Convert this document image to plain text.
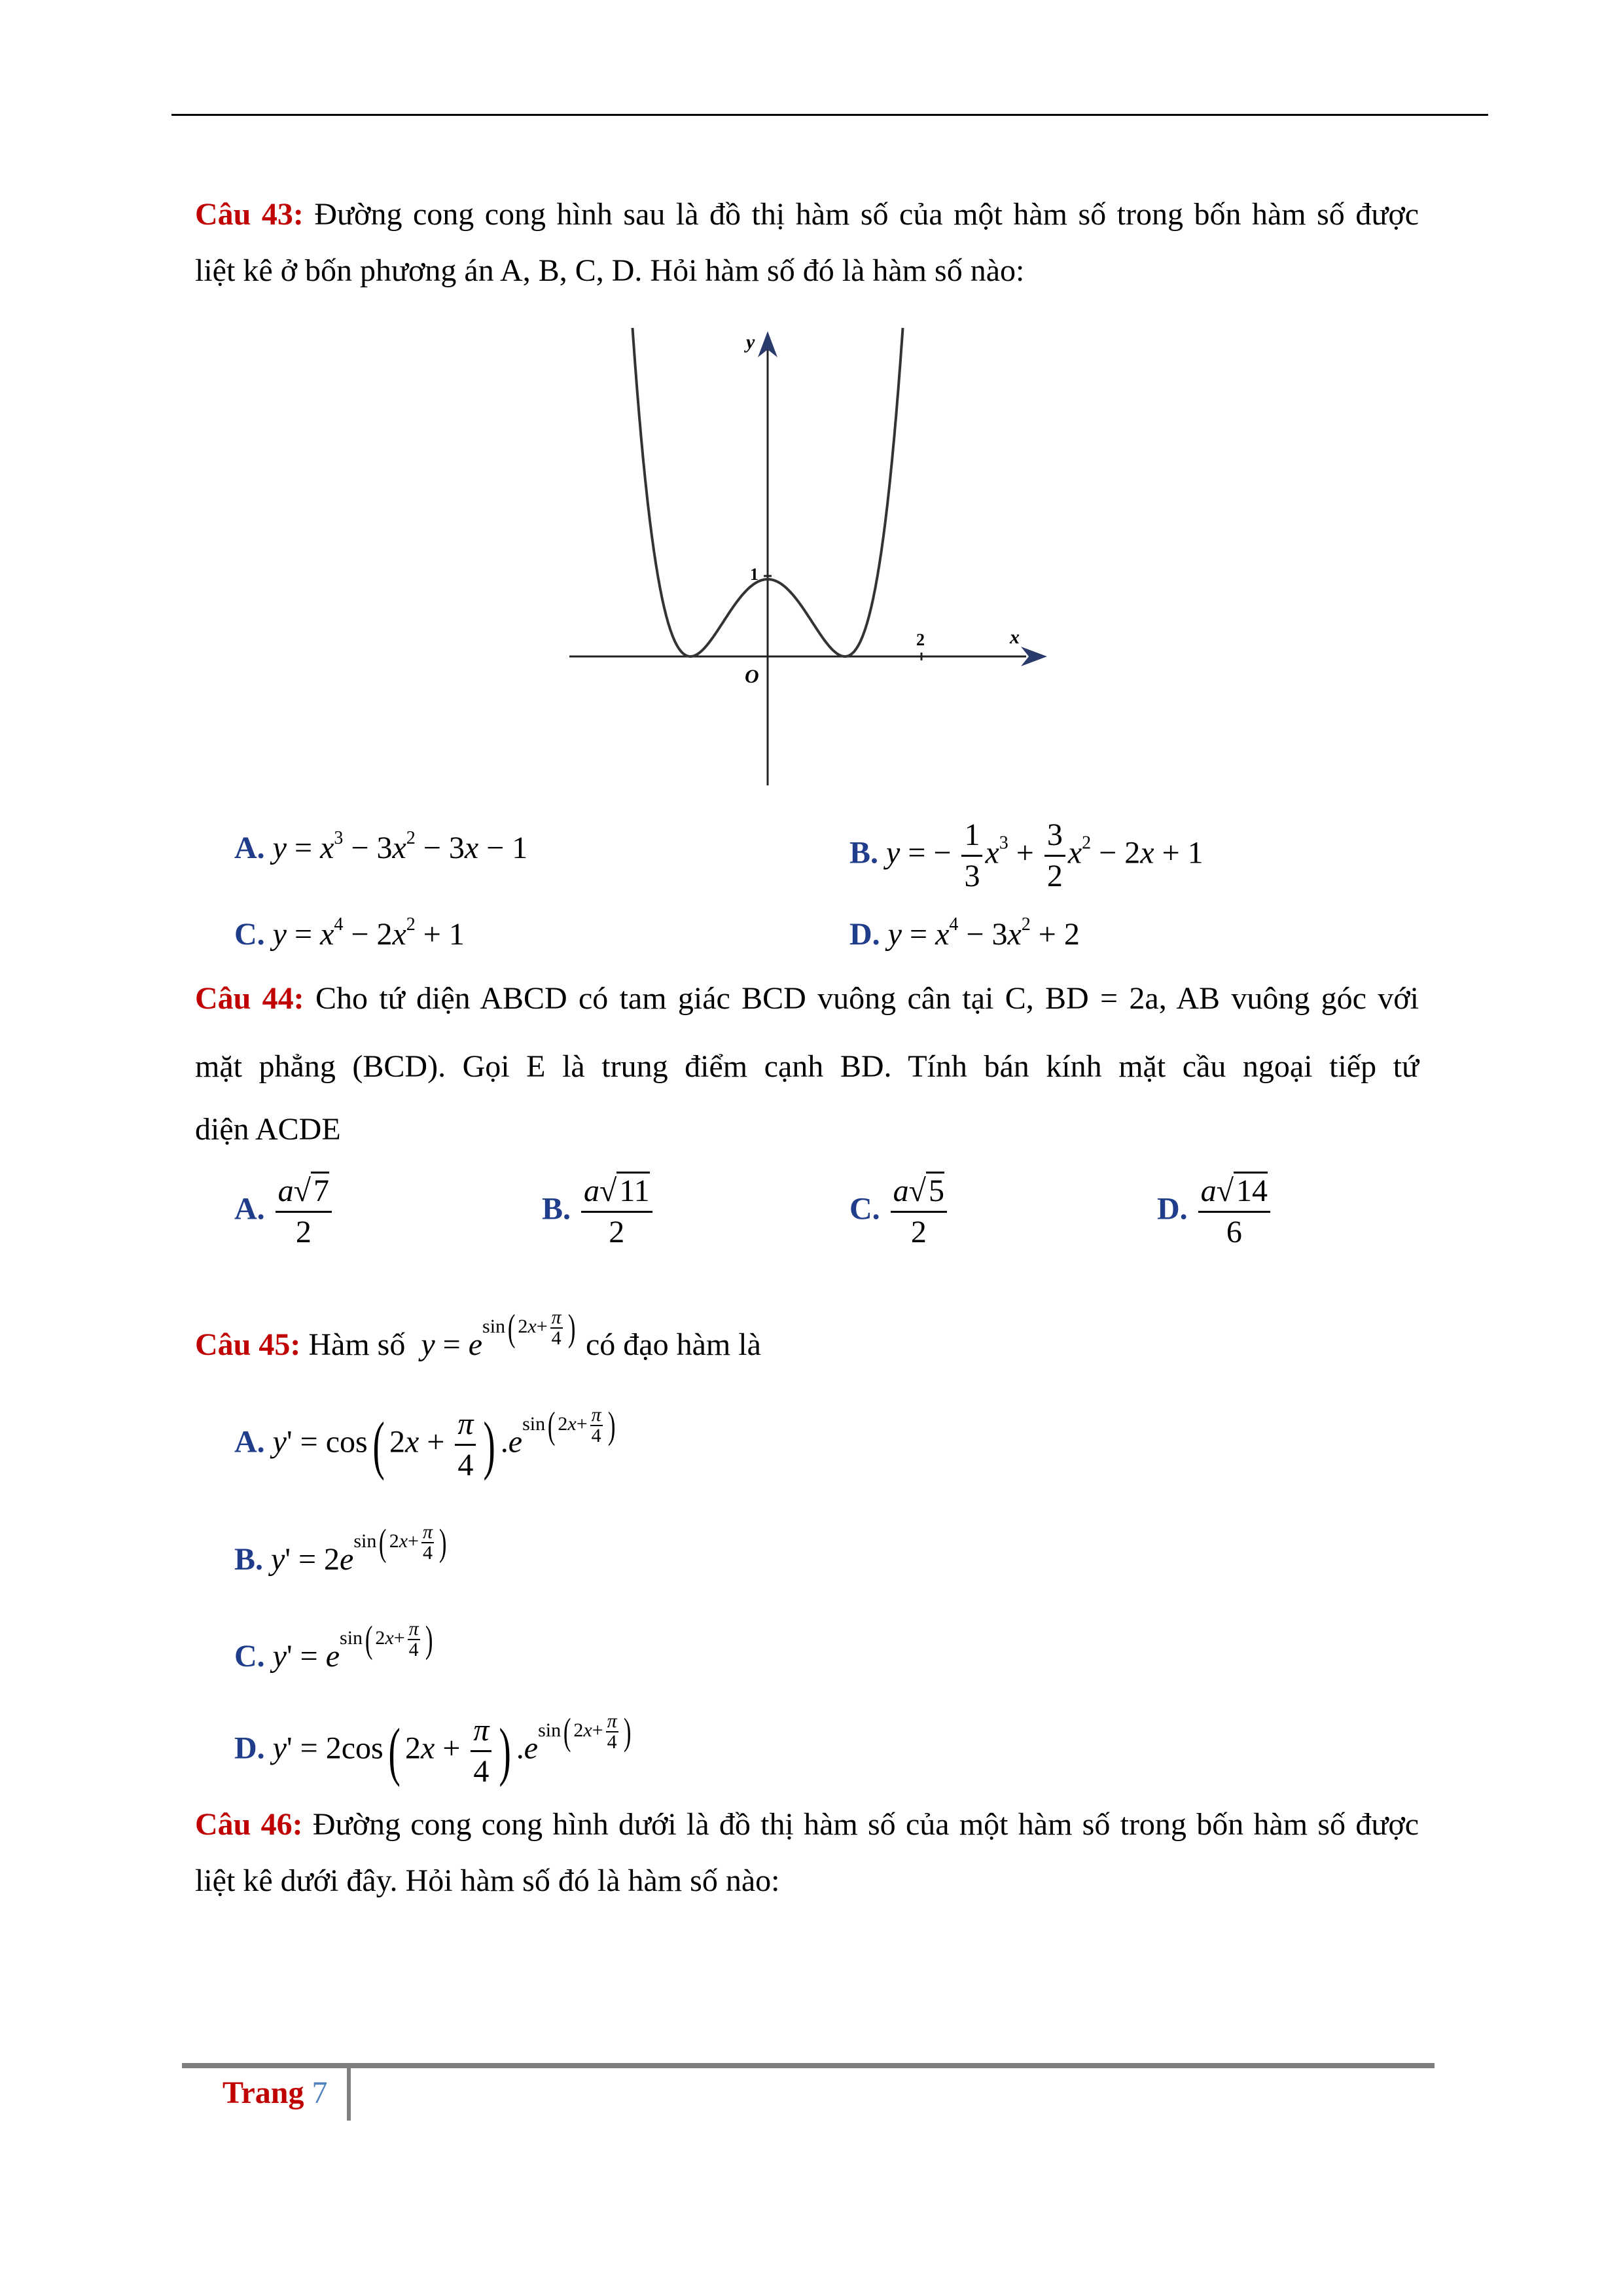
Câu 43: Đường cong cong hình sau là đồ thị hàm số của một hàm số trong bốn hàm số được
liệt kê ở bốn phương án A, B, C, D. Hỏi hàm số đó là hàm số nào:
y
x
O
1
2
A. $y = x^3 - 3x^2 - 3x - 1$	B. y = − $\frac{1}{3} x^3 + \frac{3}{2} x^2 - 2x + 1$
C. $y = x^4 - 2x^2 + 1$	D. $y = x^4 - 3x^2 + 2$
Câu 44: Cho tứ diện ABCD có tam giác BCD vuông cân tại C, BD = 2a, AB vuông góc với
mặt phẳng (BCD). Gọi E là trung điểm cạnh BD. Tính bán kính mặt cầu ngoại tiếp tứ
diện ACDE
A. $\frac{a√7}{2}$	B. $\frac{a√11}{2}$	C. $\frac{a√5}{2}$	D. $\frac{a√14}{6}$
Câu 45: Hàm số y = esin( $2x+ \frac{\pi}{4}$ ) có đạo hàm là
A. y' = cos( $2x + \frac{\pi}{4}$ ) .esin( $2x+ \frac{\pi}{4}$ )
B. y' = 2esin( $2x+ \frac{\pi}{4}$ )
C. y' = esin( $2x+ \frac{\pi}{4}$ )
D. y' = 2cos( $2x + \frac{\pi}{4}$ ) .esin( $2x+ \frac{\pi}{4}$ )
Câu 46: Đường cong cong hình dưới là đồ thị hàm số của một hàm số trong bốn hàm số được
liệt kê dưới đây. Hỏi hàm số đó là hàm số nào:
Trang 7
